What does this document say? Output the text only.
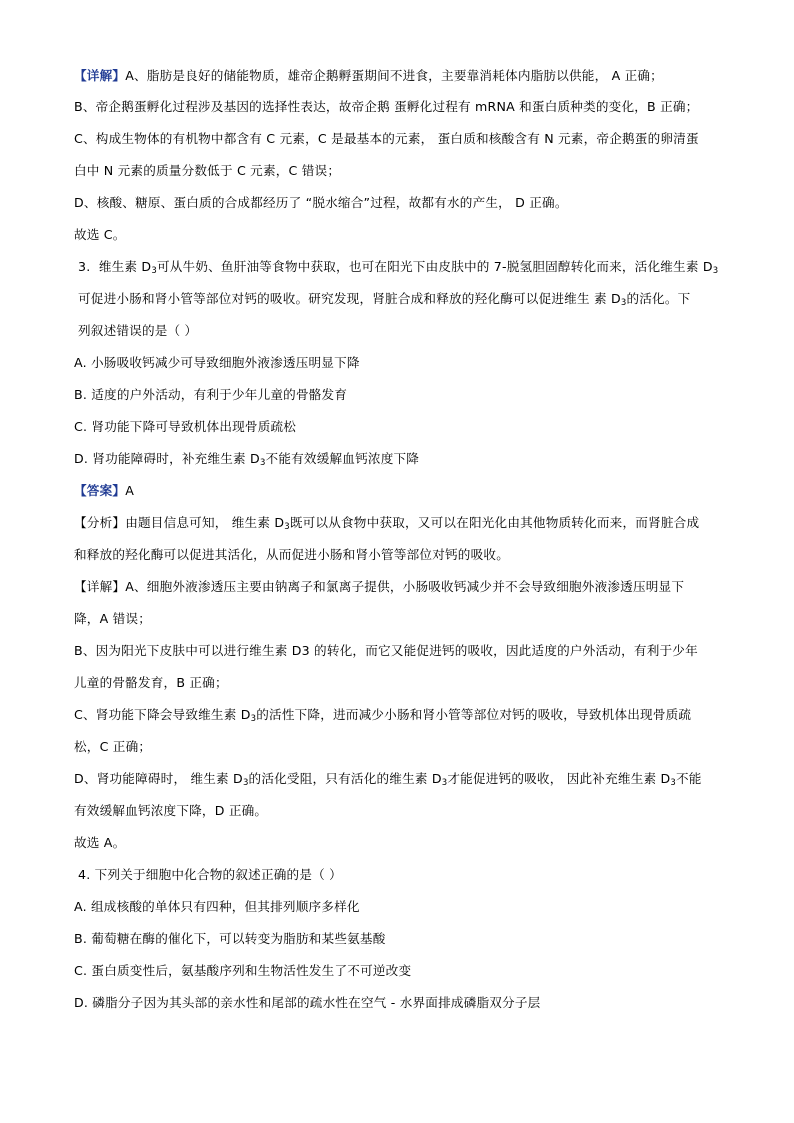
【详解】A、脂肪是良好的储能物质，雄帝企鹅孵蛋期间不进食，主要靠消耗体内脂肪以供能， A 正确；
B、帝企鹅蛋孵化过程涉及基因的选择性表达，故帝企鹅 蛋孵化过程有 mRNA 和蛋白质种类的变化，B 正确；
C、构成生物体的有机物中都含有 C 元素，C 是最基本的元素， 蛋白质和核酸含有 N 元素，帝企鹅蛋的卵清蛋
白中 N 元素的质量分数低于 C 元素，C 错误；
D、核酸、糖原、蛋白质的合成都经历了 “脱水缩合”过程，故都有水的产生， D 正确。
故选 C。
3. 维生素 $D_3$可从牛奶、鱼肝油等食物中获取，也可在阳光下由皮肤中的 7-脱氢胆固醇转化而来，活化维生素 $D_3$
可促进小肠和肾小管等部位对钙的吸收。研究发现，肾脏合成和释放的羟化酶可以促进维生 素 $D_3$的活化。下
列叙述错误的是（ ）
A. 小肠吸收钙减少可导致细胞外液渗透压明显下降
B. 适度的户外活动，有利于少年儿童的骨骼发育
C. 肾功能下降可导致机体出现骨质疏松
D. 肾功能障碍时，补充维生素 $D_3$不能有效缓解血钙浓度下降
【答案】A
【分析】由题目信息可知， 维生素 $D_3$既可以从食物中获取，又可以在阳光化由其他物质转化而来，而肾脏合成
和释放的羟化酶可以促进其活化，从而促进小肠和肾小管等部位对钙的吸收。
【详解】A、细胞外液渗透压主要由钠离子和氯离子提供，小肠吸收钙减少并不会导致细胞外液渗透压明显下
降，A 错误；
B、因为阳光下皮肤中可以进行维生素 D3 的转化，而它又能促进钙的吸收，因此适度的户外活动，有利于少年
儿童的骨骼发育，B 正确；
C、肾功能下降会导致维生素 $D_3$的活性下降，进而减少小肠和肾小管等部位对钙的吸收，导致机体出现骨质疏
松，C 正确；
D、肾功能障碍时， 维生素 $D_3$的活化受阻，只有活化的维生素 $D_3$才能促进钙的吸收， 因此补充维生素 $D_3$不能
有效缓解血钙浓度下降，D 正确。
故选 A。
4. 下列关于细胞中化合物的叙述正确的是（ ）
A. 组成核酸的单体只有四种，但其排列顺序多样化
B. 葡萄糖在酶的催化下，可以转变为脂肪和某些氨基酸
C. 蛋白质变性后，氨基酸序列和生物活性发生了不可逆改变
D. 磷脂分子因为其头部的亲水性和尾部的疏水性在空气 - 水界面排成磷脂双分子层
